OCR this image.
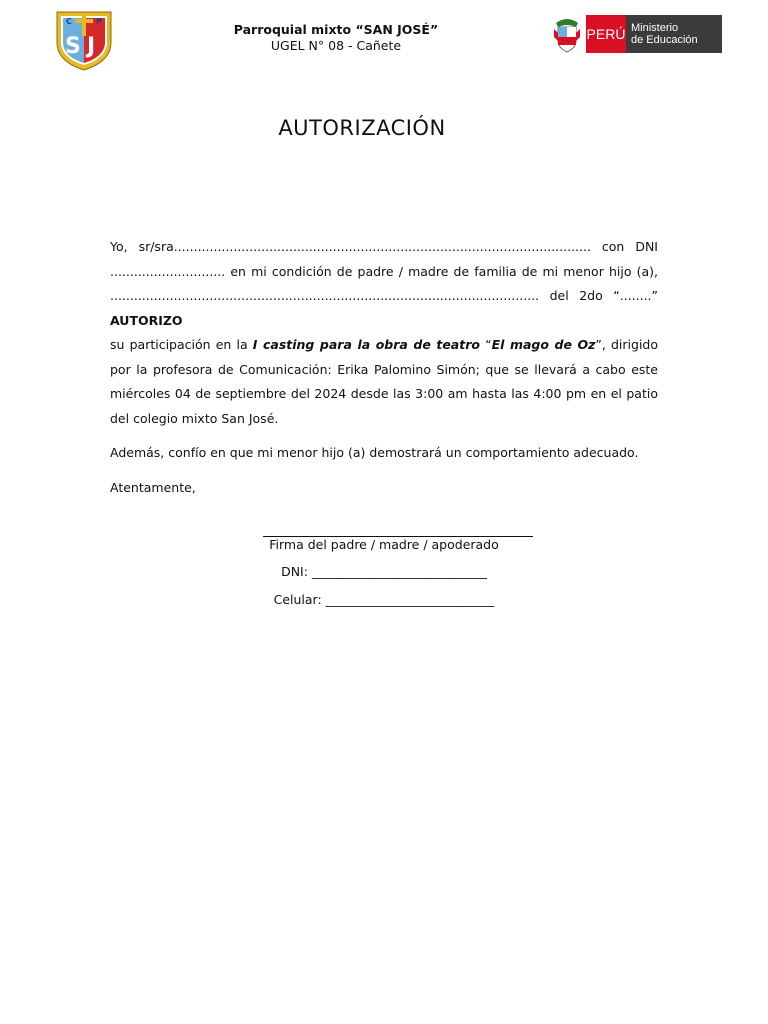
C	P
S J
Parroquial mixto “SAN JOSÉ”
UGEL N° 08 - Cañete
PERÚ Ministerio
de Educación
AUTORIZACIÓN
Yo, sr/sra......................................................................................................... con DNI
............................. en mi condición de padre / madre de familia de mi menor hijo (a),
............................................................................................................ del 2do “........” AUTORIZO
su participación en la I casting para la obra de teatro “El mago de Oz”, dirigido por la profesora de Comunicación: Erika Palomino Simón; que se llevará a cabo este miércoles 04 de septiembre del 2024 desde las 3:00 am hasta las 4:00 pm en el patio del colegio mixto San José.

Además, confío en que mi menor hijo (a) demostrará un comportamiento adecuado.

Atentamente,

Firma del padre / madre / apoderado
DNI: ____________________________
Celular: ___________________________
